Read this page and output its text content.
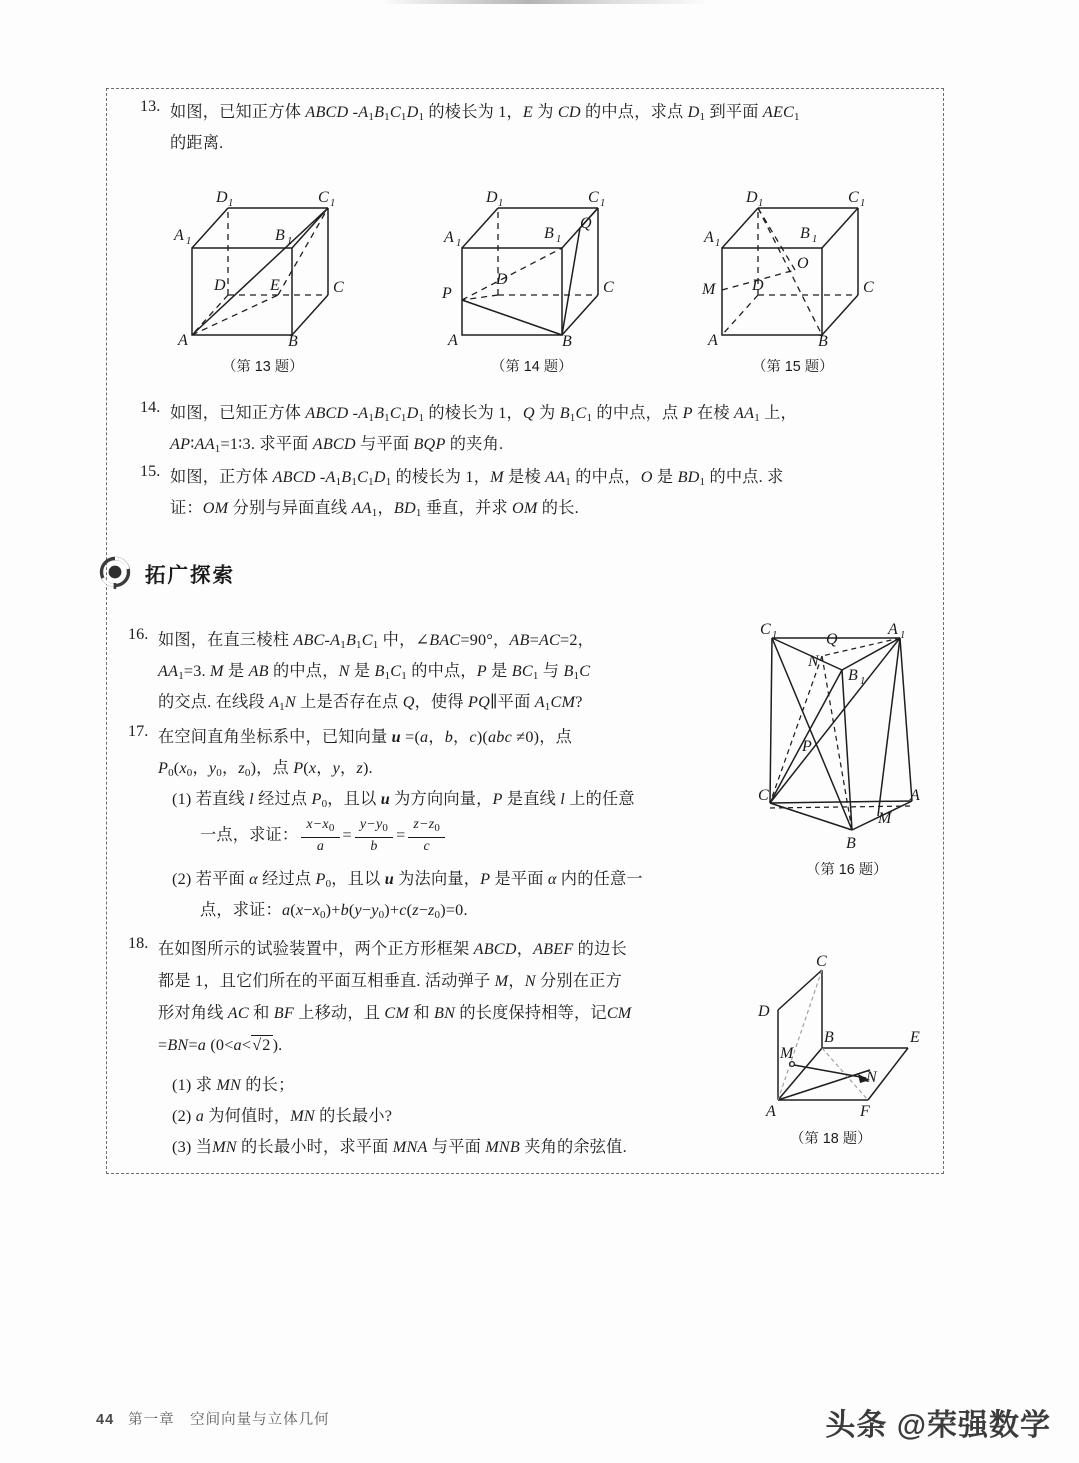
13. 如图，已知正方体 ABCD -A1B1C1D1 的棱长为 1，E 为 CD 的中点，求点 D1 到平面 AEC1
的距离.
D 1	C 1
A 1	B 1
D	E	C
A	B
（第 13 题）
D 1	C 1
A 1
B 1
Q
D	C
P
A	B
（第 14 题）
D 1	C 1
A 1
B 1
O
M D	C
A	B
（第 15 题）
14. 如图，已知正方体 ABCD -A1B1C1D1 的棱长为 1，Q 为 B1C1 的中点，点 P 在棱 AA1 上，
AP∶AA1=1∶3. 求平面 ABCD 与平面 BQP 的夹角.
15. 如图，正方体 ABCD -A1B1C1D1 的棱长为 1，M 是棱 AA1 的中点，O 是 BD1 的中点. 求
证：OM 分别与异面直线 AA1，BD1 垂直，并求 OM 的长.
拓广探索
16. 如图，在直三棱柱 ABC-A1B1C1 中，∠BAC=90°，AB=AC=2，
AA1=3. M 是 AB 的中点，N 是 B1C1 的中点，P 是 BC1 与 B1C
的交点. 在线段 A1N 上是否存在点 Q，使得 PQ∥平面 A1CM?
C 1	A 1
Q
N
B 1
P
C	A
M
B
（第 16 题）
17. 在空间直角坐标系中，已知向量 u =(a，b，c)(abc ≠0)，点
P0(x0，y0，z0)，点 P(x，y，z).
(1) 若直线 l 经过点 P0，且以 u 为方向向量，P 是直线 l 上的任意
一点，求证： $\frac{x-x_0}{a} = \frac{y-y_0}{b} = \frac{z-z_0}{c}$
(2) 若平面 α 经过点 P0，且以 u 为法向量，P 是平面 α 内的任意一
点，求证：a(x−x0)+b(y−y0)+c(z−z0)=0.
18. 在如图所示的试验装置中，两个正方形框架 ABCD，ABEF 的边长
都是 1，且它们所在的平面互相垂直. 活动弹子 M，N 分别在正方
形对角线 AC 和 BF 上移动，且 CM 和 BN 的长度保持相等，记CM
=BN=a (0<a<√2 ).
(1) 求 MN 的长；
(2) a 为何值时，MN 的长最小?
(3) 当MN 的长最小时，求平面 MNA 与平面 MNB 夹角的余弦值.
C
D
M
B	E
N
A	F
（第 18 题）
44 第一章　空间向量与立体几何	头条 @荣强数学
